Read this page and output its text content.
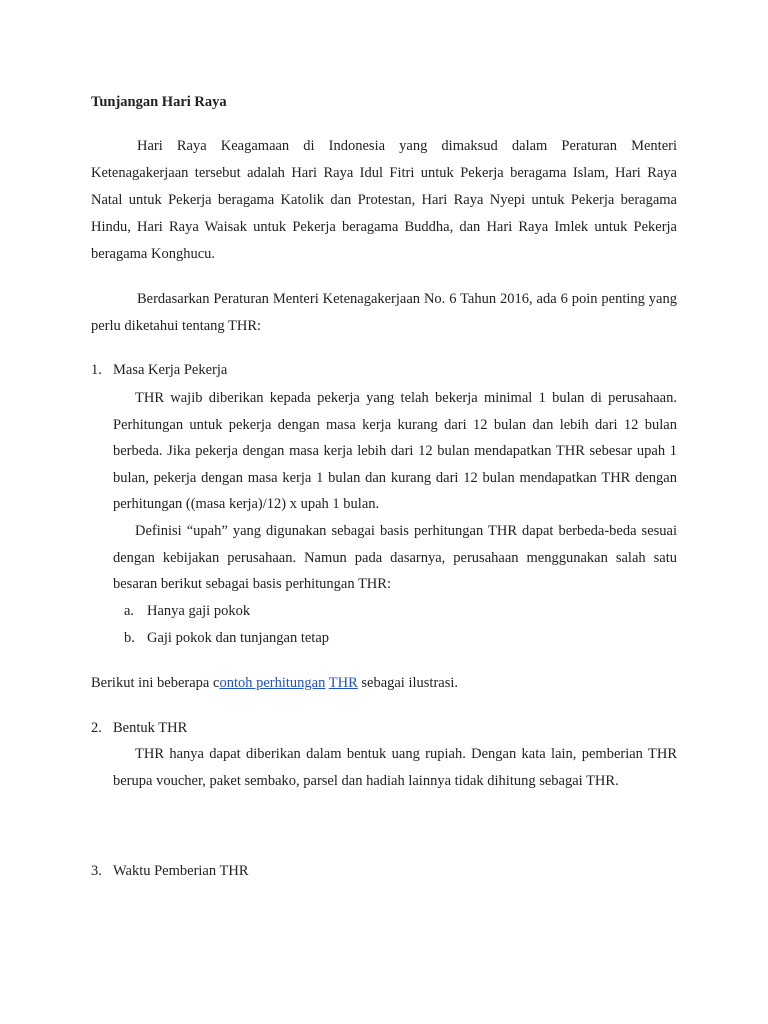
Tunjangan Hari Raya
Hari Raya Keagamaan di Indonesia yang dimaksud dalam Peraturan Menteri Ketenagakerjaan tersebut adalah Hari Raya Idul Fitri untuk Pekerja beragama Islam, Hari Raya Natal untuk Pekerja beragama Katolik dan Protestan, Hari Raya Nyepi untuk Pekerja beragama Hindu, Hari Raya Waisak untuk Pekerja beragama Buddha, dan Hari Raya Imlek untuk Pekerja beragama Konghucu.
Berdasarkan Peraturan Menteri Ketenagakerjaan No. 6 Tahun 2016, ada 6 poin penting yang perlu diketahui tentang THR:
1. Masa Kerja Pekerja
THR wajib diberikan kepada pekerja yang telah bekerja minimal 1 bulan di perusahaan. Perhitungan untuk pekerja dengan masa kerja kurang dari 12 bulan dan lebih dari 12 bulan berbeda. Jika pekerja dengan masa kerja lebih dari 12 bulan mendapatkan THR sebesar upah 1 bulan, pekerja dengan masa kerja 1 bulan dan kurang dari 12 bulan mendapatkan THR dengan perhitungan ((masa kerja)/12) x upah 1 bulan.
Definisi “upah” yang digunakan sebagai basis perhitungan THR dapat berbeda-beda sesuai dengan kebijakan perusahaan. Namun pada dasarnya, perusahaan menggunakan salah satu besaran berikut sebagai basis perhitungan THR:
a. Hanya gaji pokok
b. Gaji pokok dan tunjangan tetap
Berikut ini beberapa contoh perhitungan THR sebagai ilustrasi.
2. Bentuk THR
THR hanya dapat diberikan dalam bentuk uang rupiah. Dengan kata lain, pemberian THR berupa voucher, paket sembako, parsel dan hadiah lainnya tidak dihitung sebagai THR.
3. Waktu Pemberian THR
